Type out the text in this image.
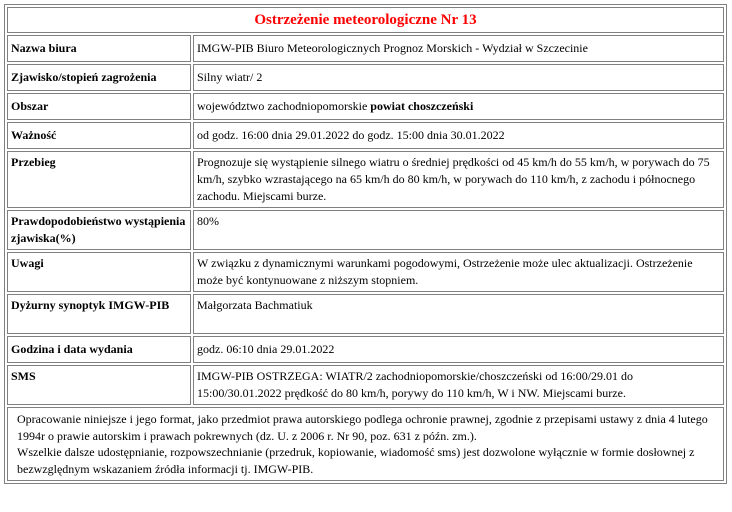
Ostrzeżenie meteorologiczne Nr 13	
Nazwa biura	IMGW-PIB Biuro Meteorologicznych Prognoz Morskich - Wydział w Szczecinie
Zjawisko/stopień zagrożenia	Silny wiatr/ 2
Obszar	województwo zachodniopomorskie powiat choszczeński
Ważność	od godz. 16:00 dnia 29.01.2022 do godz. 15:00 dnia 30.01.2022
Przebieg	Prognozuje się wystąpienie silnego wiatru o średniej prędkości od 45 km/h do 55 km/h, w porywach do 75 km/h, szybko wzrastającego na 65 km/h do 80 km/h, w porywach do 110 km/h, z zachodu i północnego zachodu. Miejscami burze.
Prawdopodobieństwo wystąpienia zjawiska(%)	80%
Uwagi	W związku z dynamicznymi warunkami pogodowymi, Ostrzeżenie może ulec aktualizacji. Ostrzeżenie może być kontynuowane z niższym stopniem.
Dyżurny synoptyk IMGW-PIB	Małgorzata Bachmatiuk
Godzina i data wydania	godz. 06:10 dnia 29.01.2022
SMS	IMGW-PIB OSTRZEGA: WIATR/2 zachodniopomorskie/choszczeński od 16:00/29.01 do 15:00/30.01.2022 prędkość do 80 km/h, porywy do 110 km/h, W i NW. Miejscami burze.

Opracowanie niniejsze i jego format, jako przedmiot prawa autorskiego podlega ochronie prawnej, zgodnie z przepisami ustawy z dnia 4 lutego 1994r o prawie autorskim i prawach pokrewnych (dz. U. z 2006 r. Nr 90, poz. 631 z późn. zm.).
Wszelkie dalsze udostępnianie, rozpowszechnianie (przedruk, kopiowanie, wiadomość sms) jest dozwolone wyłącznie w formie dosłownej z bezwzględnym wskazaniem źródła informacji tj. IMGW-PIB.	
